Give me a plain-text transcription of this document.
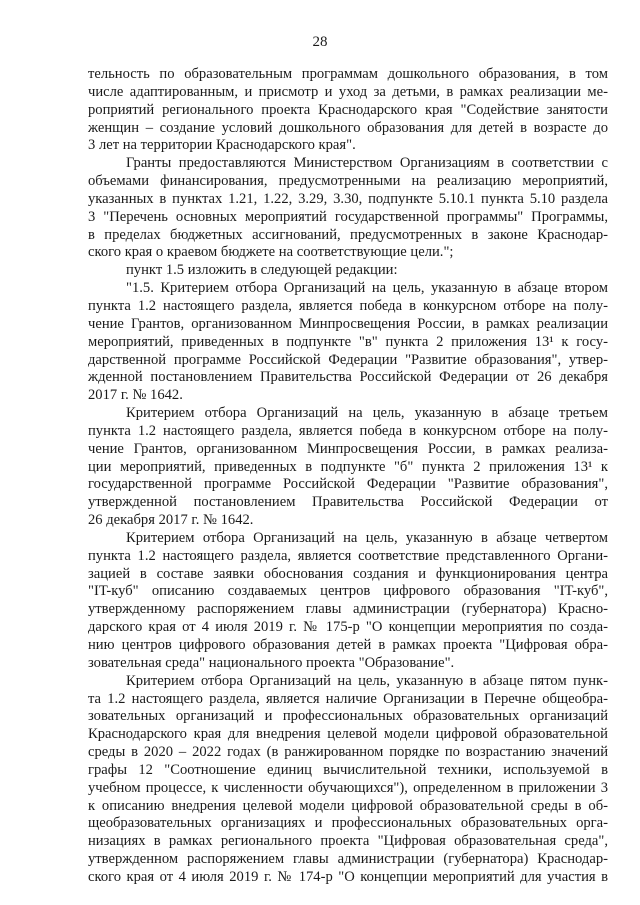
28
тельность по образовательным программам дошкольного образования, в том
числе адаптированным, и присмотр и уход за детьми, в рамках реализации ме-
роприятий регионального проекта Краснодарского края "Содействие занятости
женщин – создание условий дошкольного образования для детей в возрасте до
3 лет на территории Краснодарского края".
Гранты предоставляются Министерством Организациям в соответствии с
объемами финансирования, предусмотренными на реализацию мероприятий,
указанных в пунктах 1.21, 1.22, 3.29, 3.30, подпункте 5.10.1 пункта 5.10 раздела
3 "Перечень основных мероприятий государственной программы" Программы,
в пределах бюджетных ассигнований, предусмотренных в законе Краснодар-
ского края о краевом бюджете на соответствующие цели.";
пункт 1.5 изложить в следующей редакции:
"1.5. Критерием отбора Организаций на цель, указанную в абзаце втором
пункта 1.2 настоящего раздела, является победа в конкурсном отборе на полу-
чение Грантов, организованном Минпросвещения России, в рамках реализации
мероприятий, приведенных в подпункте "в" пункта 2 приложения 13¹ к госу-
дарственной программе Российской Федерации "Развитие образования", утвер-
жденной постановлением Правительства Российской Федерации от 26 декабря
2017 г. № 1642.
Критерием отбора Организаций на цель, указанную в абзаце третьем
пункта 1.2 настоящего раздела, является победа в конкурсном отборе на полу-
чение Грантов, организованном Минпросвещения России, в рамках реализа-
ции мероприятий, приведенных в подпункте "б" пункта 2 приложения 13¹ к
государственной программе Российской Федерации "Развитие образования",
утвержденной постановлением Правительства Российской Федерации от
26 декабря 2017 г. № 1642.
Критерием отбора Организаций на цель, указанную в абзаце четвертом
пункта 1.2 настоящего раздела, является соответствие представленного Органи-
зацией в составе заявки обоснования создания и функционирования центра
"IT-куб" описанию создаваемых центров цифрового образования "IT-куб",
утвержденному распоряжением главы администрации (губернатора) Красно-
дарского края от 4 июля 2019 г. № 175-р "О концепции мероприятия по созда-
нию центров цифрового образования детей в рамках проекта "Цифровая обра-
зовательная среда" национального проекта "Образование".
Критерием отбора Организаций на цель, указанную в абзаце пятом пунк-
та 1.2 настоящего раздела, является наличие Организации в Перечне общеобра-
зовательных организаций и профессиональных образовательных организаций
Краснодарского края для внедрения целевой модели цифровой образовательной
среды в 2020 – 2022 годах (в ранжированном порядке по возрастанию значений
графы 12 "Соотношение единиц вычислительной техники, используемой в
учебном процессе, к численности обучающихся"), определенном в приложении 3
к описанию внедрения целевой модели цифровой образовательной среды в об-
щеобразовательных организациях и профессиональных образовательных орга-
низациях в рамках регионального проекта "Цифровая образовательная среда",
утвержденном распоряжением главы администрации (губернатора) Краснодар-
ского края от 4 июля 2019 г. № 174-р "О концепции мероприятий для участия в
